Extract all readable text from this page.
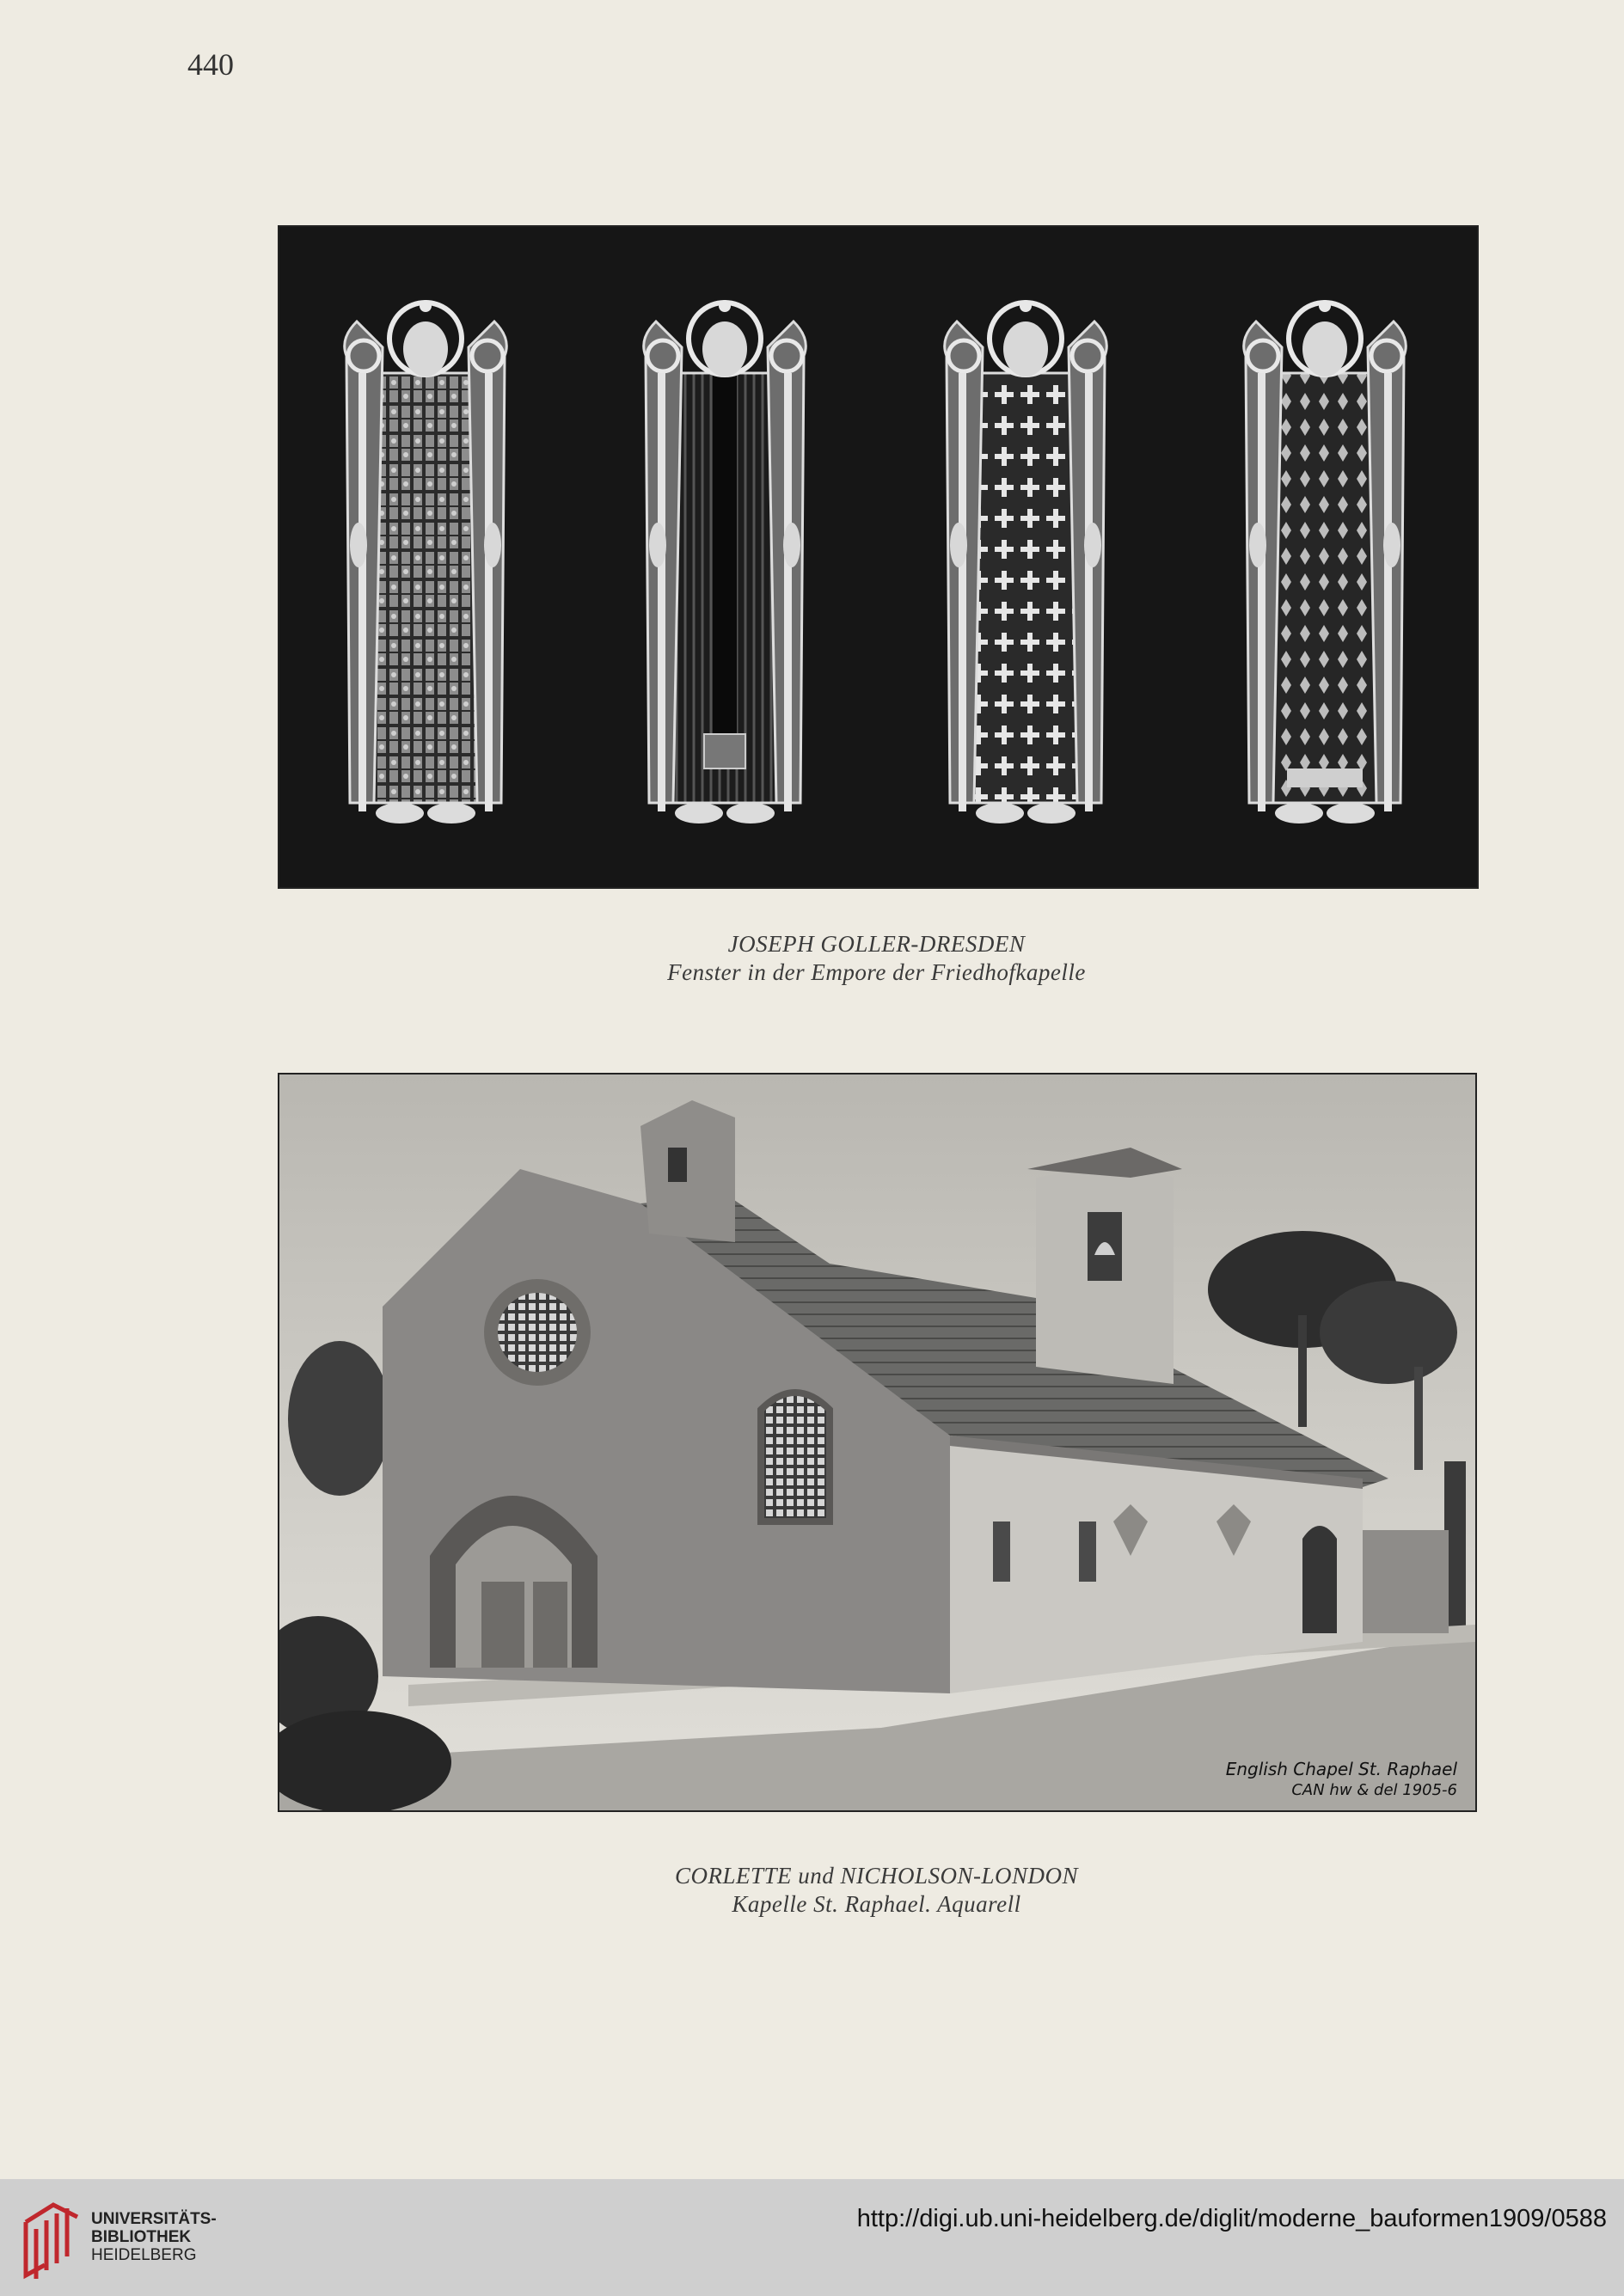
440
JOSEPH GOLLER-DRESDEN
Fenster in der Empore der Friedhofkapelle
English Chapel St. Raphael
CAN hw & del 1905-6
CORLETTE und NICHOLSON-LONDON
Kapelle St. Raphael. Aquarell
UNIVERSITÄTS-
BIBLIOTHEK
HEIDELBERG
http://digi.ub.uni-heidelberg.de/diglit/moderne_bauformen1909/0588
